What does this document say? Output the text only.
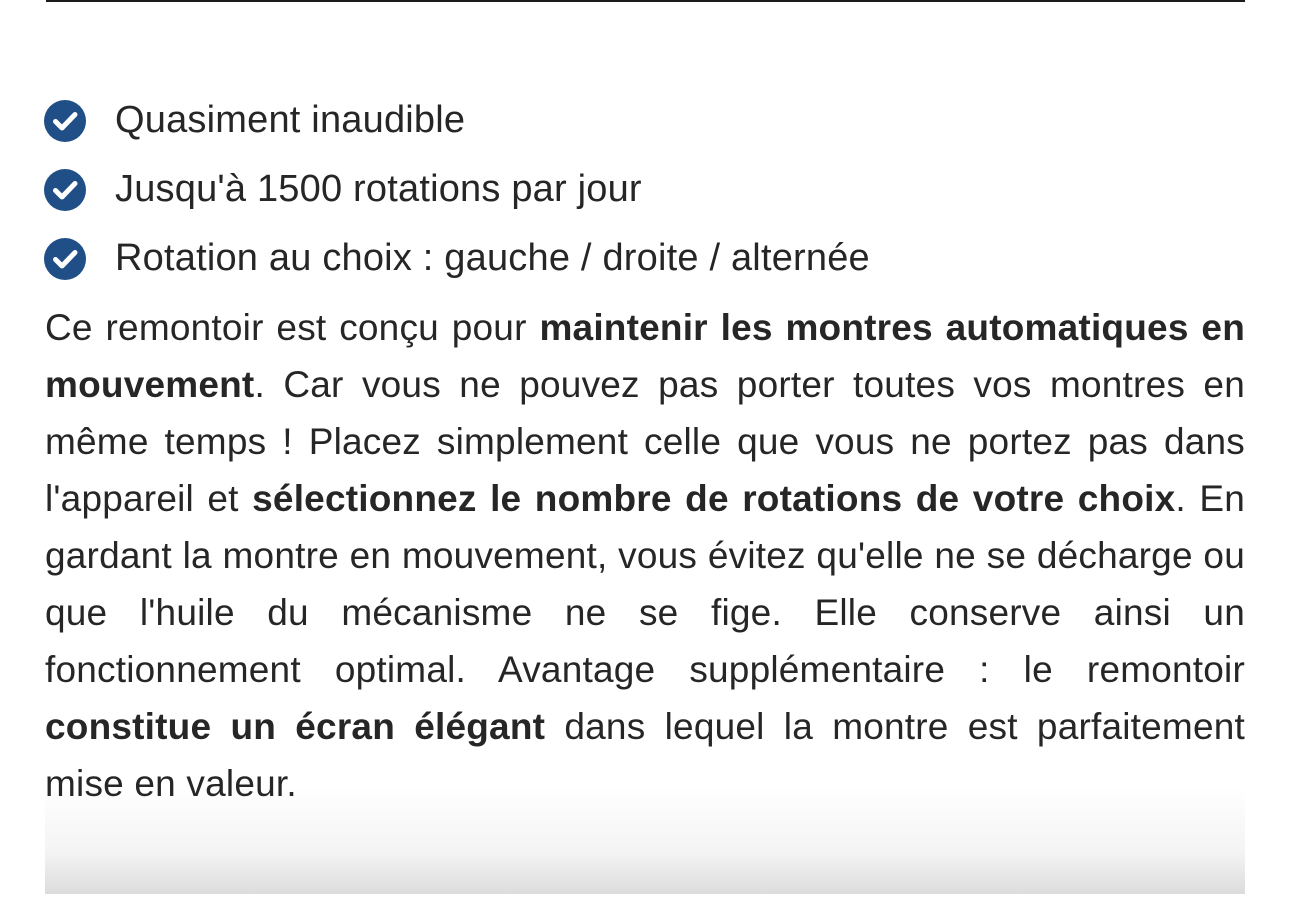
Quasiment inaudible
Jusqu'à 1500 rotations par jour
Rotation au choix : gauche / droite / alternée

Ce remontoir est conçu pour maintenir les montres automatiques en mouvement. Car vous ne pouvez pas porter toutes vos montres en même temps ! Placez simplement celle que vous ne portez pas dans l'appareil et sélectionnez le nombre de rotations de votre choix. En gardant la montre en mouvement, vous évitez qu'elle ne se décharge ou que l'huile du mécanisme ne se fige. Elle conserve ainsi un fonctionnement optimal. Avantage supplémentaire : le remontoir constitue un écran élégant dans lequel la montre est parfaitement mise en valeur.
